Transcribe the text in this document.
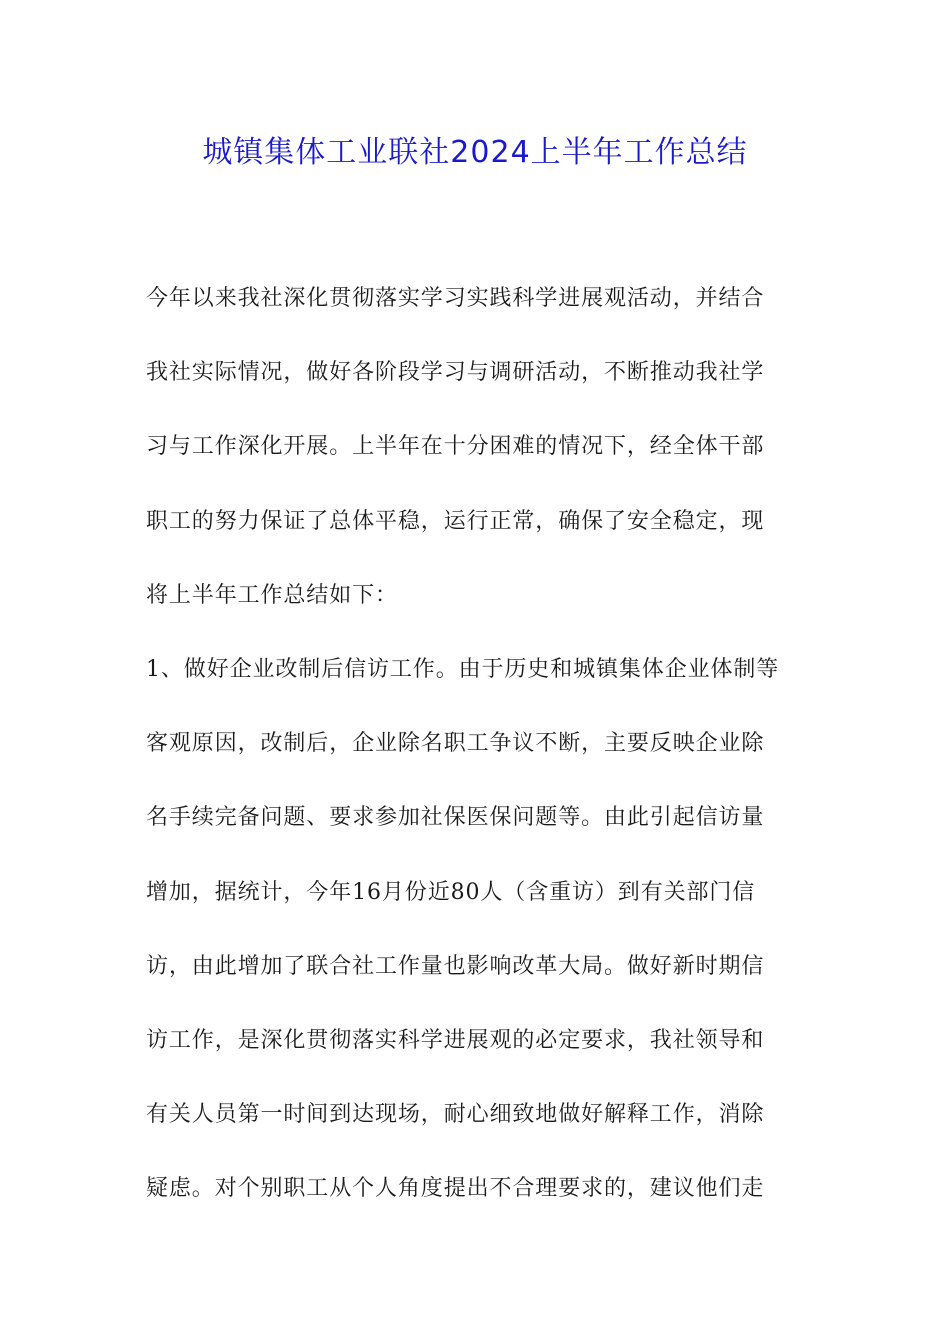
城镇集体工业联社2024上半年工作总结
今年以来我社深化贯彻落实学习实践科学进展观活动，并结合
我社实际情况，做好各阶段学习与调研活动，不断推动我社学
习与工作深化开展。上半年在十分困难的情况下，经全体干部
职工的努力保证了总体平稳，运行正常，确保了安全稳定，现
将上半年工作总结如下：
1、做好企业改制后信访工作。由于历史和城镇集体企业体制等
客观原因，改制后，企业除名职工争议不断，主要反映企业除
名手续完备问题、要求参加社保医保问题等。由此引起信访量
增加，据统计，今年16月份近80人（含重访）到有关部门信
访，由此增加了联合社工作量也影响改革大局。做好新时期信
访工作，是深化贯彻落实科学进展观的必定要求，我社领导和
有关人员第一时间到达现场，耐心细致地做好解释工作，消除
疑虑。对个别职工从个人角度提出不合理要求的，建议他们走
